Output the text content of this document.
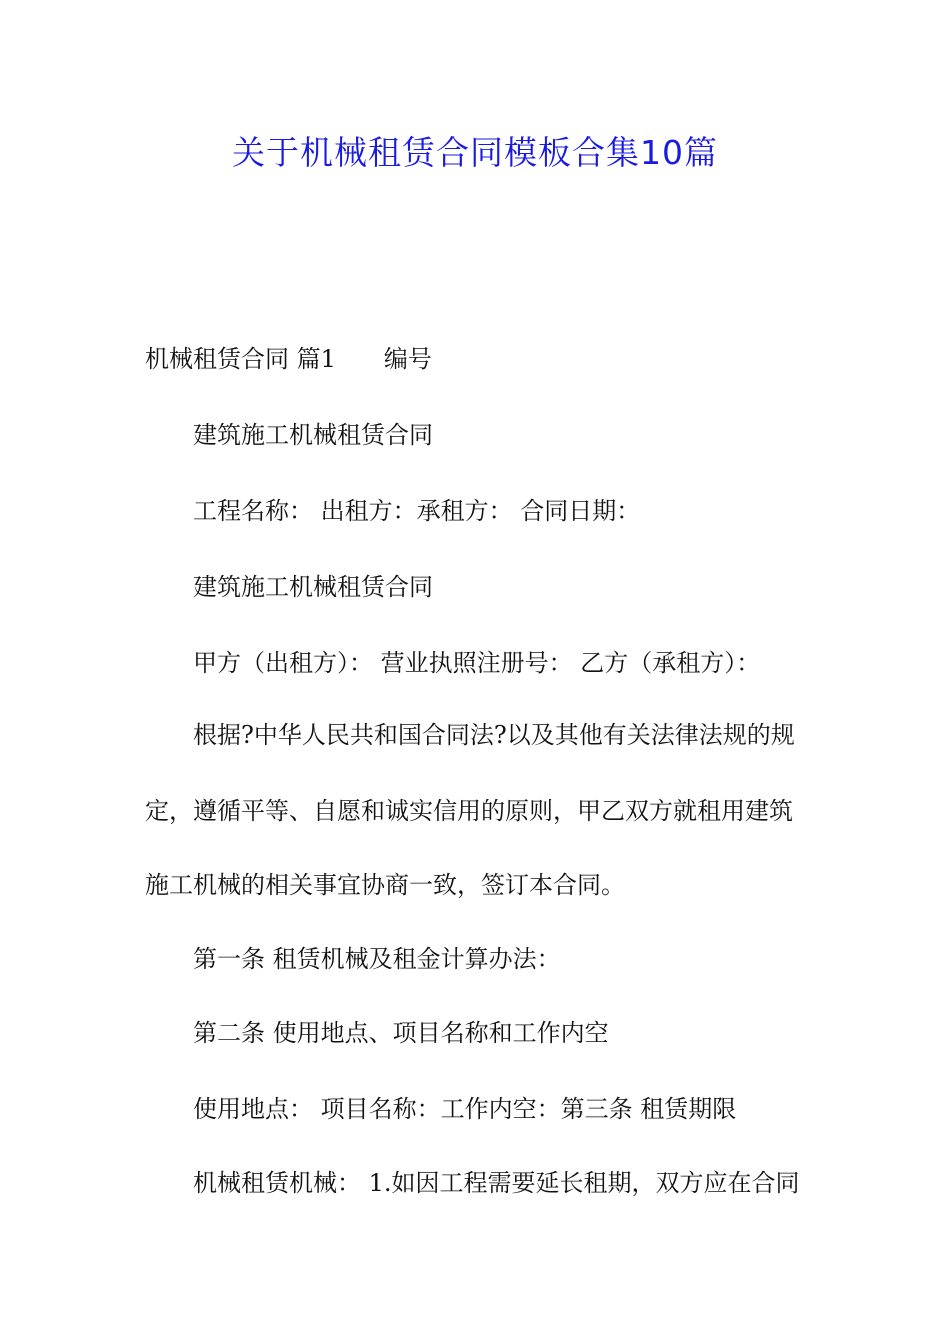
关于机械租赁合同模板合集10篇

机械租赁合同 篇1 编号

建筑施工机械租赁合同

工程名称： 出租方：承租方： 合同日期：

建筑施工机械租赁合同

甲方（出租方）： 营业执照注册号： 乙方（承租方）：

根据?中华人民共和国合同法?以及其他有关法律法规的规

定，遵循平等、自愿和诚实信用的原则，甲乙双方就租用建筑

施工机械的相关事宜协商一致，签订本合同。

第一条 租赁机械及租金计算办法：

第二条 使用地点、项目名称和工作内空

使用地点： 项目名称：工作内空：第三条 租赁期限

机械租赁机械： 1.如因工程需要延长租期，双方应在合同
